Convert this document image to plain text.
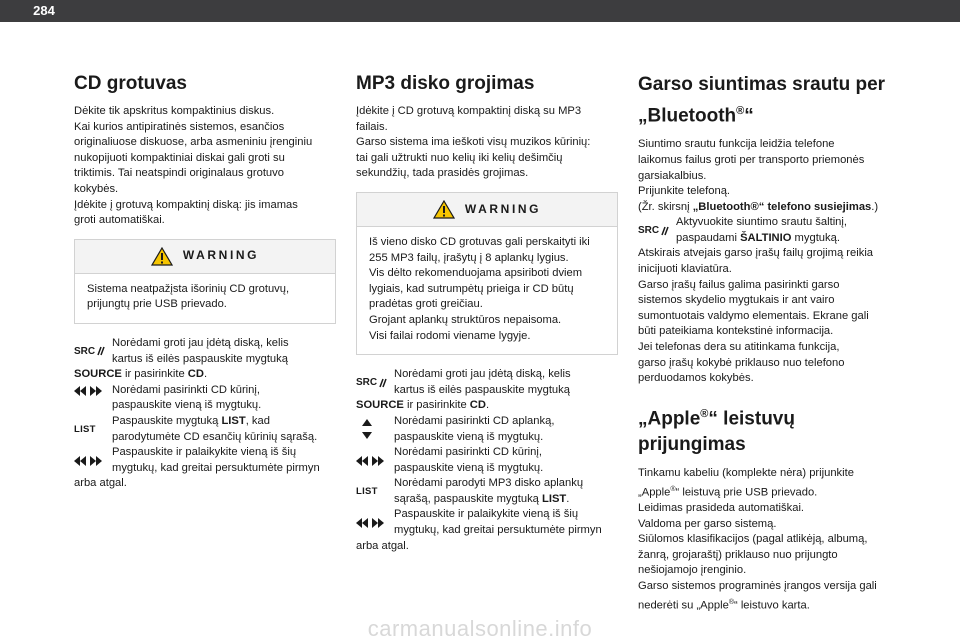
284
CD grotuvas

Dėkite tik apskritus kompaktinius diskus.

Kai kurios antipiratinės sistemos, esančios

originaliuose diskuose, arba asmeniniu įrenginiu

nukopijuoti kompaktiniai diskai gali groti su

triktimis. Tai neatspindi originalaus grotuvo

kokybės.

Įdėkite į grotuvą kompaktinį diską: jis imamas

groti automatiškai.

WARNING

Sistema neatpažįsta išorinių CD grotuvų,

prijungtų prie USB prievado.

SRC

Norėdami groti jau įdėtą diską, kelis

kartus iš eilės paspauskite mygtuką

SOURCE ir pasirinkite CD.

Norėdami pasirinkti CD kūrinį,

paspauskite vieną iš mygtukų.

LIST

Paspauskite mygtuką LIST, kad

parodytumėte CD esančių kūrinių sąrašą.

Paspauskite ir palaikykite vieną iš šių

mygtukų, kad greitai persuktumėte pirmyn

arba atgal.

MP3 disko grojimas

Įdėkite į CD grotuvą kompaktinį diską su MP3

failais.

Garso sistema ima ieškoti visų muzikos kūrinių:

tai gali užtrukti nuo kelių iki kelių dešimčių

sekundžių, tada prasidės grojimas.

WARNING

Iš vieno disko CD grotuvas gali perskaityti iki

255 MP3 failų, įrašytų į 8 aplankų lygius.

Vis dėlto rekomenduojama apsiriboti dviem

lygiais, kad sutrumpėtų prieiga ir CD būtų

pradėtas groti greičiau.

Grojant aplankų struktūros nepaisoma.

Visi failai rodomi viename lygyje.

SRC

Norėdami groti jau įdėtą diską, kelis

kartus iš eilės paspauskite mygtuką

SOURCE ir pasirinkite CD.

Norėdami pasirinkti CD aplanką,

paspauskite vieną iš mygtukų.

Norėdami pasirinkti CD kūrinį,

paspauskite vieną iš mygtukų.

LIST

Norėdami parodyti MP3 disko aplankų

sąrašą, paspauskite mygtuką LIST.

Paspauskite ir palaikykite vieną iš šių

mygtukų, kad greitai persuktumėte pirmyn

arba atgal.

Garso siuntimas srautu per
„Bluetooth®“

Siuntimo srautu funkcija leidžia telefone

laikomus failus groti per transporto priemonės

garsiakalbius.

Prijunkite telefoną.

(Žr. skirsnį „Bluetooth®“ telefono susiejimas.)

SRC

Aktyvuokite siuntimo srautu šaltinį,

paspaudami ŠALTINIO mygtuką.

Atskirais atvejais garso įrašų failų grojimą reikia

inicijuoti klaviatūra.

Garso įrašų failus galima pasirinkti garso

sistemos skydelio mygtukais ir ant vairo

sumontuotais valdymo elementais. Ekrane gali

būti pateikiama kontekstinė informacija.

Jei telefonas dera su atitinkama funkcija,

garso įrašų kokybė priklauso nuo telefono

perduodamos kokybės.

„Apple®“ leistuvų
prijungimas

Tinkamu kabeliu (komplekte nėra) prijunkite

„Apple®“ leistuvą prie USB prievado.

Leidimas prasideda automatiškai.

Valdoma per garso sistemą.

Siūlomos klasifikacijos (pagal atlikėją, albumą,

žanrą, grojaraštį) priklauso nuo prijungto

nešiojamojo įrenginio.

Garso sistemos programinės įrangos versija gali

nederėti su „Apple®“ leistuvo karta.

carmanualsonline.info
